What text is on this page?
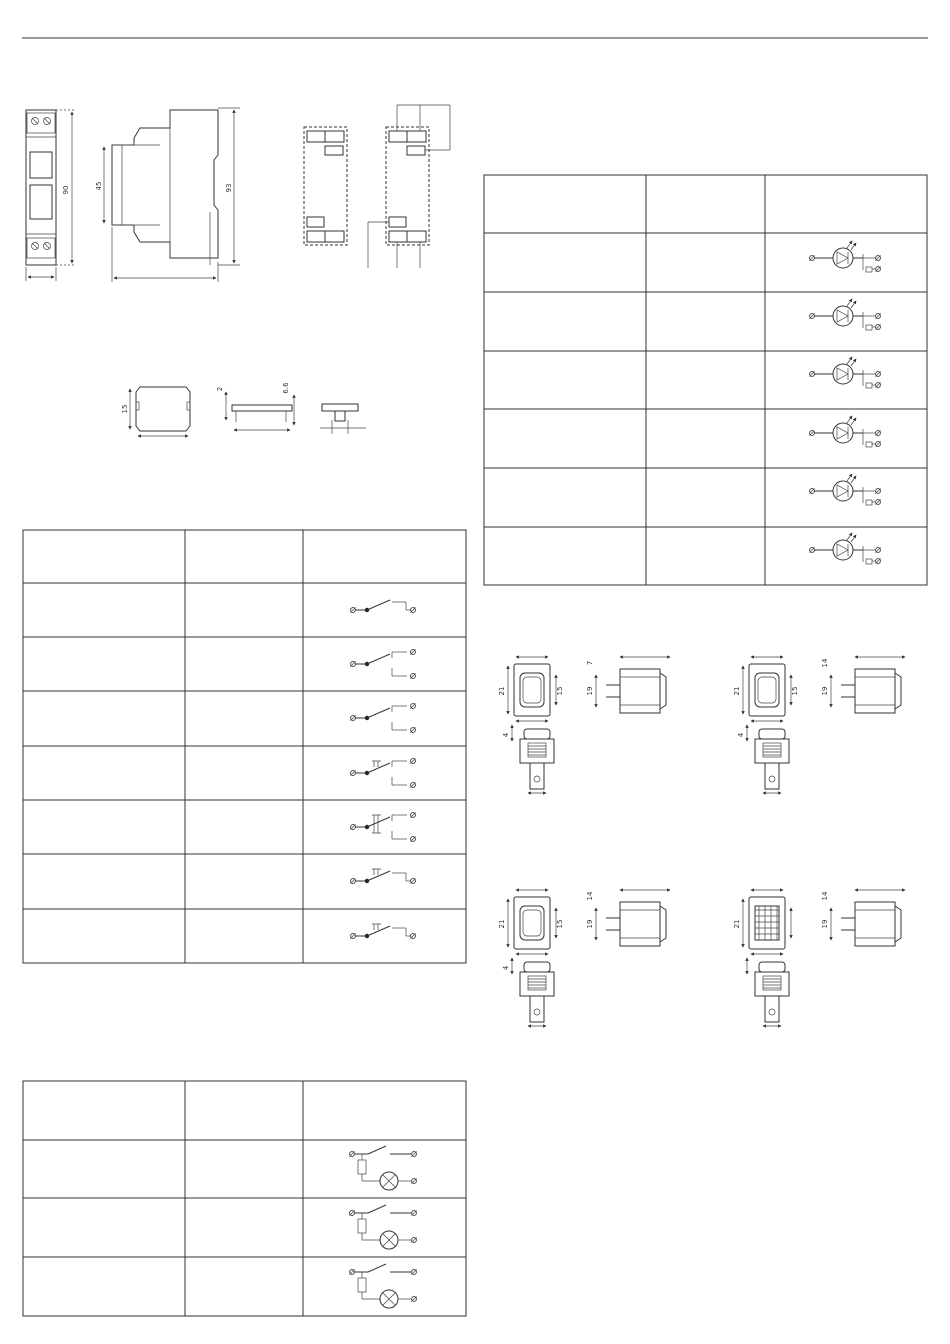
90	45	93
15
2	6.6
21	15	19
7
4
21	15	19
14
4
21	15	19
14
4
21	19
14
